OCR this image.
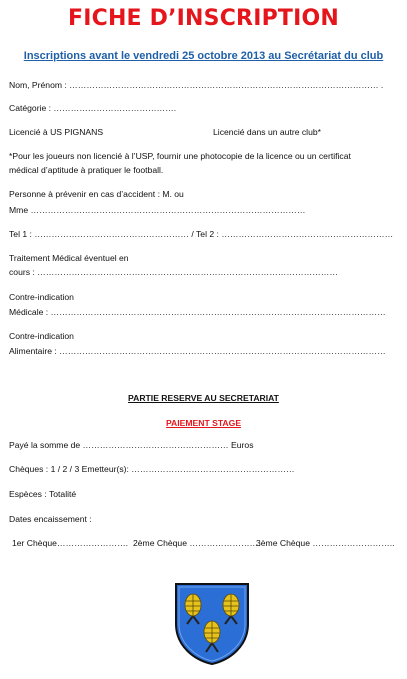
FICHE D’INSCRIPTION
Inscriptions avant le vendredi 25 octobre 2013 au Secrétariat du club
Nom, Prénom : ……………………………………………………………………………………………… .
Catégorie : …………………………………….
Licencié à US PIGNANS	Licencié dans un autre club*
*Pour les joueurs non licencié à l’USP, fournir une photocopie de la licence ou un certificat
médical d’aptitude à pratiquer le football.
Personne à prévenir en cas d’accident : M. ou
Mme ……………………………………………………………………………………
Tel 1 : ……………………………………………… / Tel 2 : ……………………………………………………
Traitement Médical éventuel en
cours : ……………………………………………………………………………………………
Contre-indication
Médicale : ………………………………………………………………………………………………………
Contre-indication
Alimentaire : ……………………………………………………………………………………………………
PARTIE RESERVE AU SECRETARIAT
PAIEMENT STAGE
Payé la somme de …………………………………………… Euros
Chèques : 1 / 2 / 3 Emetteur(s): …………………………………………………
Espèces : Totalité
Dates encaissement :
1er Chèque……………………. 2ème Chèque …………………….
3ème Chèque ………………………..
